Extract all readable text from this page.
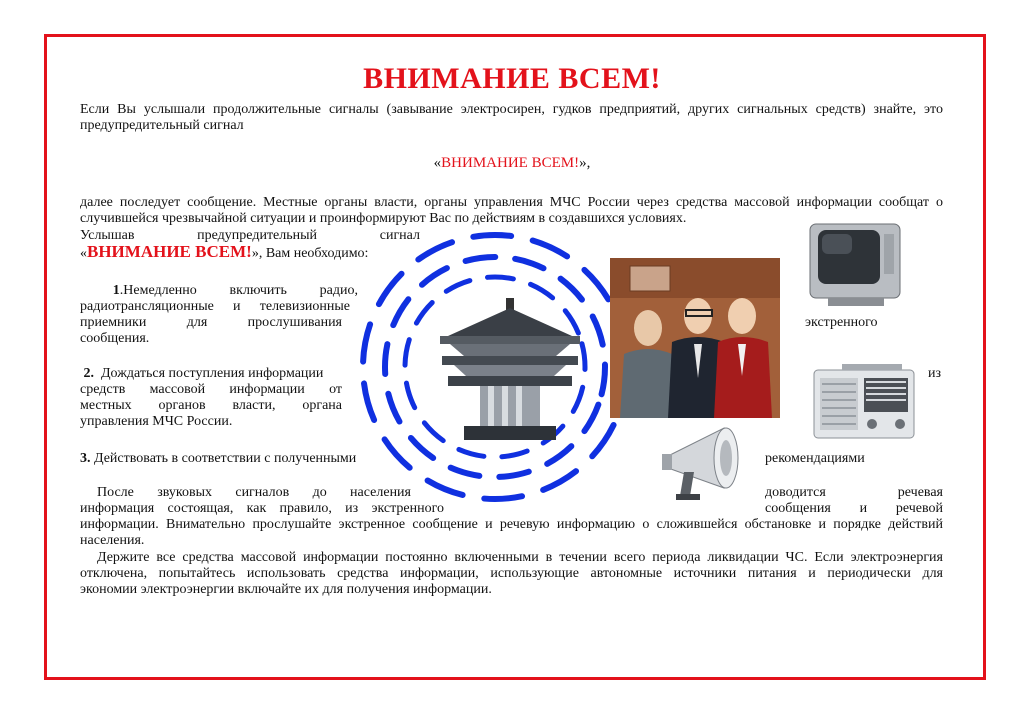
ВНИМАНИЕ ВСЕМ!
Если Вы услышали продолжительные сигналы (завывание электросирен, гудков предприятий, других сигнальных средств) знайте, это
предупредительный сигнал
«ВНИМАНИЕ ВСЕМ!»,
далее последует сообщение. Местные органы власти, органы управления МЧС России через средства массовой информации сообщат о
случившейся чрезвычайной ситуации и проинформируют Вас по действиям в создавшихся условиях.
Услышав	предупредительный	сигнал
«ВНИМАНИЕ ВСЕМ!», Вам необходимо:
1.Немедленно включить радио,
радиотрансляционные и телевизионные
приемники для прослушивания	экстренного
сообщения.
2. Дождаться поступления информации	из
средств массовой информации от
местных органов власти, органа
управления МЧС России.
3. Действовать в соответствии с полученными	рекомендациями
После звуковых сигналов до населения	доводится речевая
информация состоящая, как правило, из экстренного	сообщения и речевой
информации. Внимательно прослушайте экстренное сообщение и речевую информацию о сложившейся обстановке и порядке действий
населения.
Держите все средства массовой информации постоянно включенными в течении всего периода ликвидации ЧС. Если электроэнергия
отключена, попытайтесь использовать средства информации, использующие автономные источники питания и периодически для
экономии электроэнергии включайте их для получения информации.
